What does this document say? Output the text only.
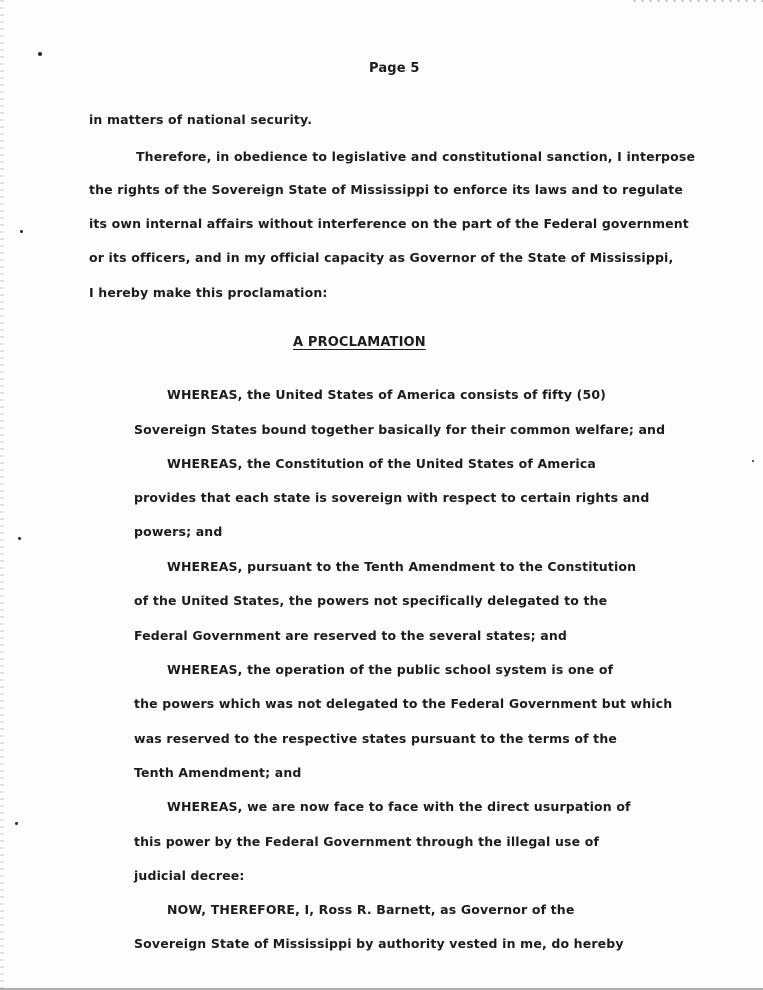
Page 5
in matters of national security.
Therefore, in obedience to legislative and constitutional sanction, I interpose
the rights of the Sovereign State of Mississippi to enforce its laws and to regulate
its own internal affairs without interference on the part of the Federal government
or its officers, and in my official capacity as Governor of the State of Mississippi,
I hereby make this proclamation:
A PROCLAMATION
WHEREAS, the United States of America consists of fifty (50)
Sovereign States bound together basically for their common welfare; and
WHEREAS, the Constitution of the United States of America
provides that each state is sovereign with respect to certain rights and
powers; and
WHEREAS, pursuant to the Tenth Amendment to the Constitution
of the United States, the powers not specifically delegated to the
Federal Government are reserved to the several states; and
WHEREAS, the operation of the public school system is one of
the powers which was not delegated to the Federal Government but which
was reserved to the respective states pursuant to the terms of the
Tenth Amendment; and
WHEREAS, we are now face to face with the direct usurpation of
this power by the Federal Government through the illegal use of
judicial decree:
NOW, THEREFORE, I, Ross R. Barnett, as Governor of the
Sovereign State of Mississippi by authority vested in me, do hereby
